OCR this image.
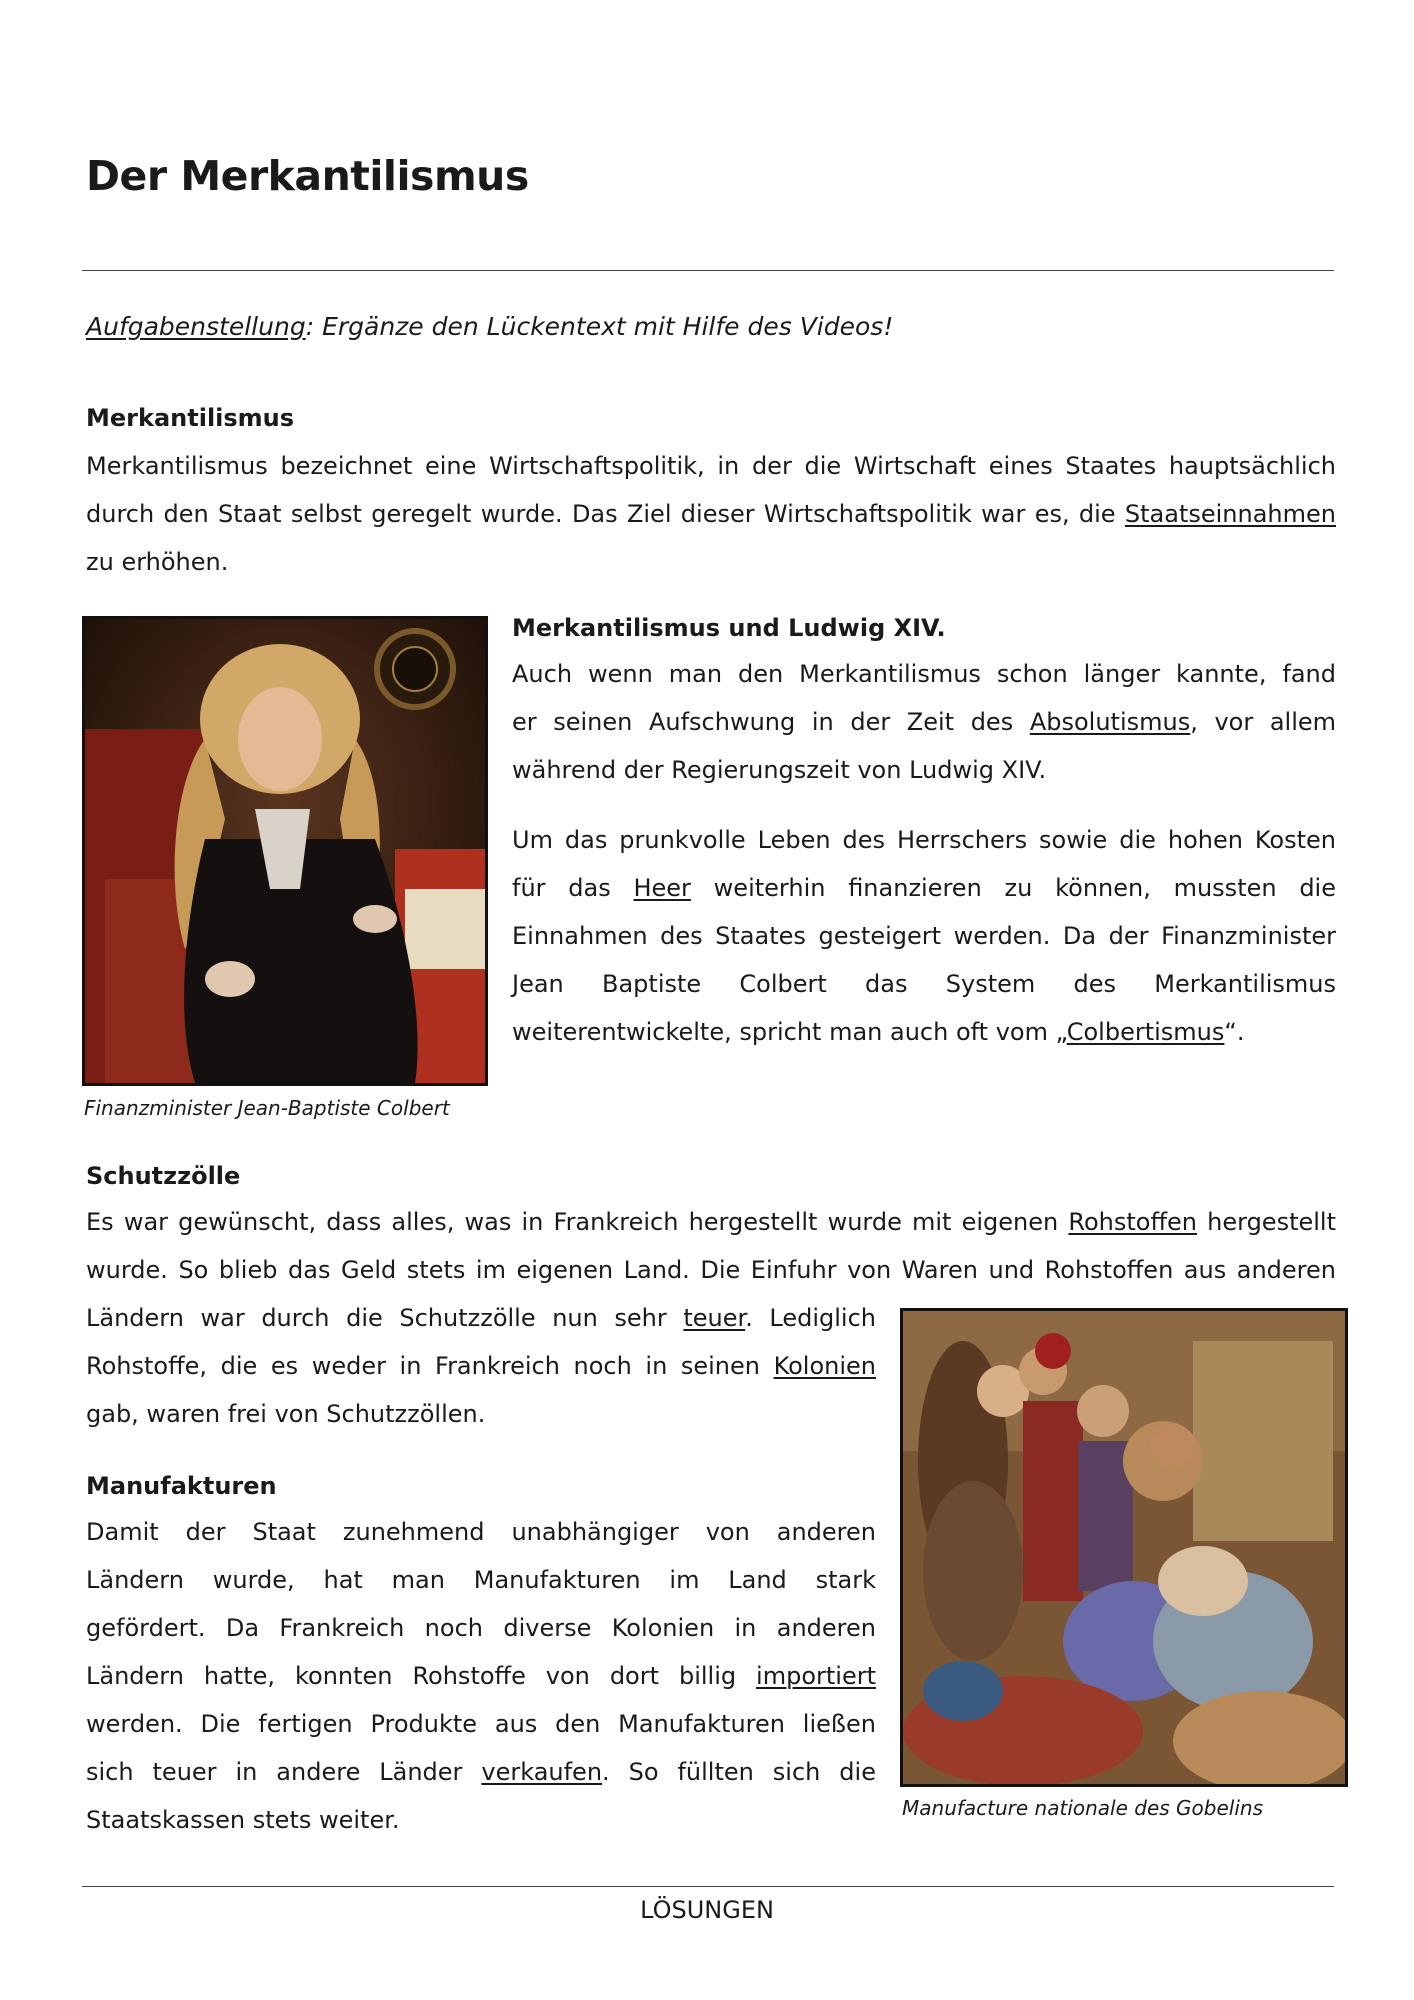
Der Merkantilismus
Aufgabenstellung: Ergänze den Lückentext mit Hilfe des Videos!
Merkantilismus
Merkantilismus bezeichnet eine Wirtschaftspolitik, in der die Wirtschaft eines Staates hauptsächlich
durch den Staat selbst geregelt wurde. Das Ziel dieser Wirtschaftspolitik war es, die Staatseinnahmen
zu erhöhen.
Finanzminister Jean-Baptiste Colbert
Merkantilismus und Ludwig XIV.
Auch wenn man den Merkantilismus schon länger kannte, fand
er seinen Aufschwung in der Zeit des Absolutismus, vor allem
während der Regierungszeit von Ludwig XIV.
Um das prunkvolle Leben des Herrschers sowie die hohen Kosten
für das Heer weiterhin finanzieren zu können, mussten die
Einnahmen des Staates gesteigert werden. Da der Finanzminister
Jean Baptiste Colbert das System des Merkantilismus
weiterentwickelte, spricht man auch oft vom „Colbertismus“.
Schutzzölle
Es war gewünscht, dass alles, was in Frankreich hergestellt wurde mit eigenen Rohstoffen hergestellt
wurde. So blieb das Geld stets im eigenen Land. Die Einfuhr von Waren und Rohstoffen aus anderen
Ländern war durch die Schutzzölle nun sehr teuer. Lediglich
Rohstoffe, die es weder in Frankreich noch in seinen Kolonien
gab, waren frei von Schutzzöllen.
Manufacture nationale des Gobelins
Manufakturen
Damit der Staat zunehmend unabhängiger von anderen
Ländern wurde, hat man Manufakturen im Land stark
gefördert. Da Frankreich noch diverse Kolonien in anderen
Ländern hatte, konnten Rohstoffe von dort billig importiert
werden. Die fertigen Produkte aus den Manufakturen ließen
sich teuer in andere Länder verkaufen. So füllten sich die
Staatskassen stets weiter.
LÖSUNGEN
